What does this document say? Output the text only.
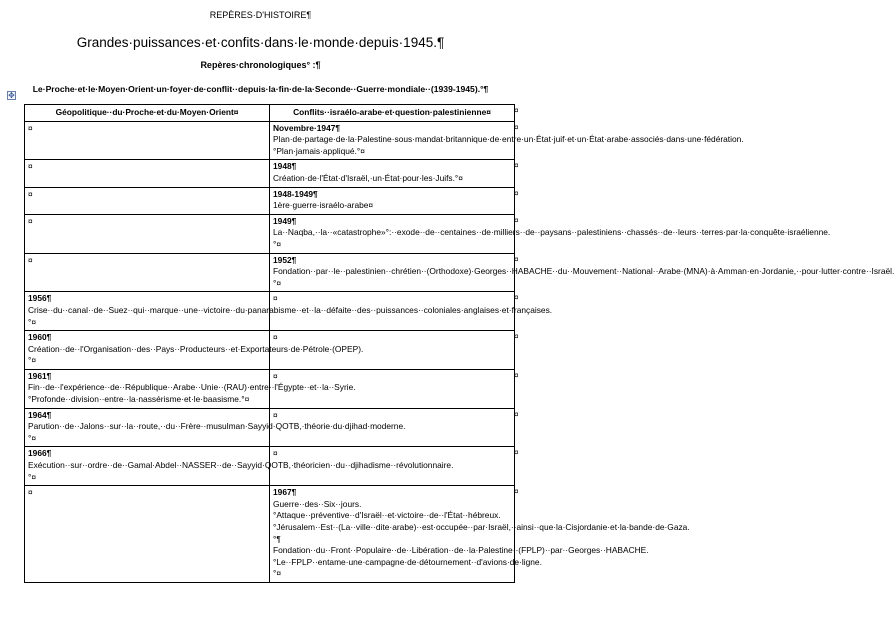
REPÈRES·D'HISTOIRE¶
Grandes·puissances·et·confits·dans·le·monde·depuis·1945.¶
Repères·chronologiques° :¶
Le·Proche·et·le·Moyen·Orient·un·foyer·de·conflit··depuis·la·fin·de·la·Seconde··Guerre·mondiale··(1939-1945).°¶
✥
Géopolitique··du·Proche·et·du·Moyen·Orient¤	Conflits··israélo-arabe·et·question·palestinienne¤

¤	Novembre·1947¶
Plan·de·partage·de·la·Palestine·sous·mandat·britannique·de·entre·un·État·juif·et·un·État·arabe·associés·dans·une·fédération.°Plan·jamais·appliqué.°¤

¤	1948¶
Création·de·l'État·d'Israël,·un·État·pour·les·Juifs.°¤

¤	1948-1949¶
1ère·guerre·israélo-arabe¤

¤	1949¶
La··Naqba,··la··«catastrophe»°:··exode··de··centaines··de·milliers··de··paysans··palestiniens··chassés··de··leurs··terres·par·la·conquête·israélienne.°¤

¤	1952¶
Fondation··par··le··palestinien··chrétien··(Orthodoxe)·Georges··HABACHE··du··Mouvement··National··Arabe·(MNA)·à·Amman·en·Jordanie,··pour·lutter·contre··Israël.°¤

1956¶
Crise··du··canal··de··Suez··qui··marque··une··victoire··du·panarabisme··et··la··défaite··des··puissances··coloniales·anglaises·et·françaises.°¤	¤

1960¶
Création··de··l'Organisation··des··Pays··Producteurs··et·Exportateurs·de·Pétrole·(OPEP).°¤	¤

1961¶
Fin··de··l'expérience··de··République··Arabe··Unie··(RAU)·entre··l'Égypte··et··la··Syrie.°Profonde··division··entre··la·nassérisme·et·le·baasisme.°¤	¤

1964¶
Parution··de··Jalons··sur··la··route,··du··Frère··musulman·Sayyid·QOTB,·théorie·du·djihad·moderne.°¤	¤

1966¶
Exécution··sur··ordre··de··Gamal·Abdel··NASSER··de··Sayyid·QOTB,·théoricien··du··djihadisme··révolutionnaire.°¤	¤

¤	1967¶
Guerre··des··Six··jours.°Attaque··préventive··d'Israël··et·victoire··de··l'État··hébreux.°Jérusalem··Est··(La··ville··dite·arabe)··est·occupée··par·Israël,··ainsi··que·la·Cisjordanie·et·la·bande·de·Gaza.°¶
Fondation··du··Front··Populaire··de··Libération··de··la·Palestine··(FPLP)··par··Georges··HABACHE.°Le··FPLP··entame·une·campagne·de·détournement··d'avions·de·ligne.°¤
¤
¤
¤
¤
¤
¤
¤
¤
¤
¤
¤
¤
